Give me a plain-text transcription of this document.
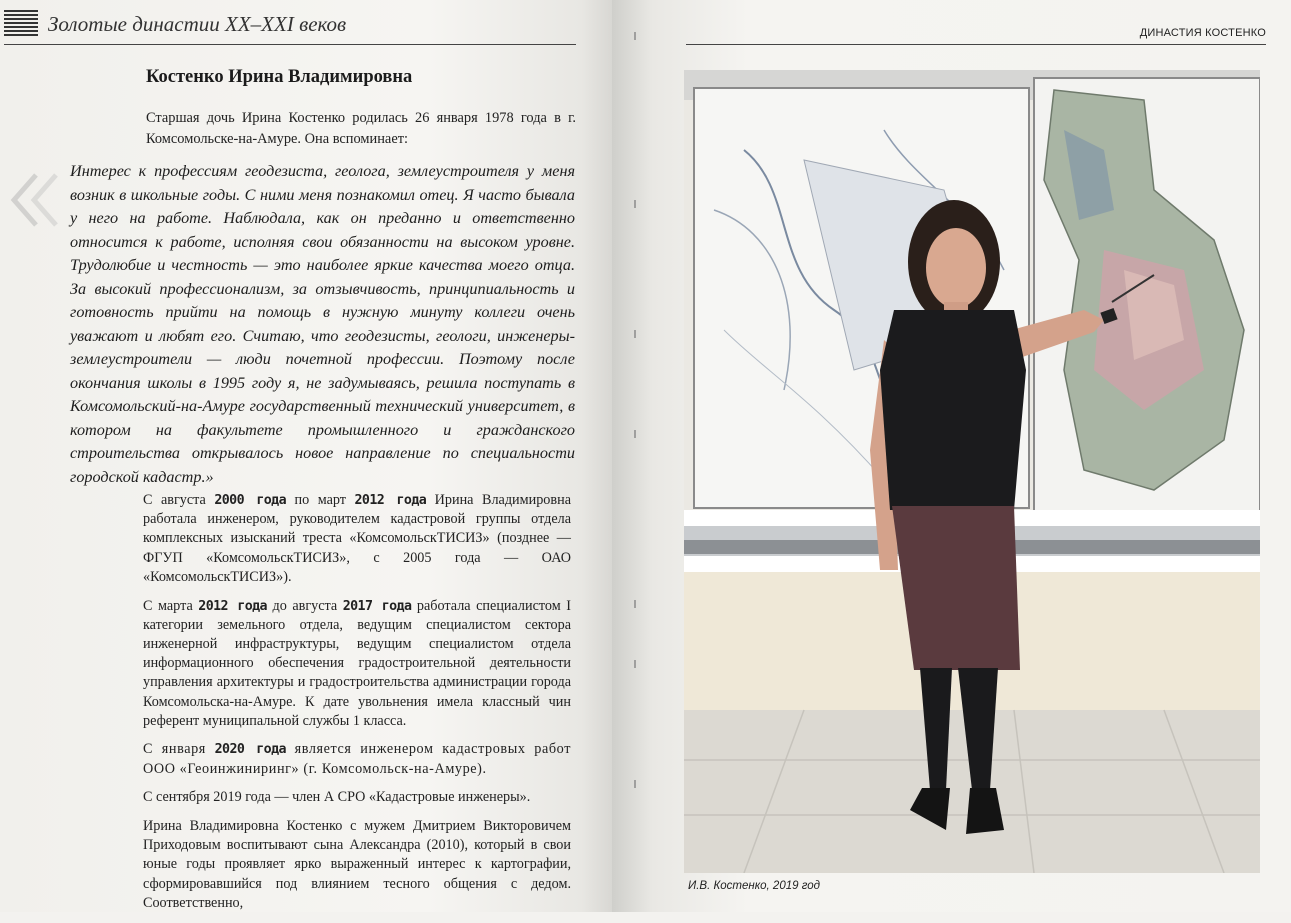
Золотые династии XX–XXI веков	ДИНАСТИЯ КОСТЕНКО
Костенко Ирина Владимировна
Старшая дочь Ирина Костенко родилась 26 января 1978 года в г. Комсомольске-на-Амуре. Она вспоминает:
Интерес к профессиям геодезиста, геолога, землеустроителя у меня возник в школьные годы. С ними меня познакомил отец. Я часто бывала у него на работе. Наблюдала, как он преданно и ответственно относится к работе, исполняя свои обязанности на высоком уровне. Трудолюбие и честность — это наиболее яркие качества моего отца. За высокий профессионализм, за отзывчивость, принципиальность и готовность прийти на помощь в нужную минуту коллеги очень уважают и любят его. Считаю, что геодезисты, геологи, инженеры-землеустроители — люди почетной профессии. Поэтому после окончания школы в 1995 году я, не задумываясь, решила поступать в Комсомольский-на-Амуре государственный технический университет, в котором на факультете промышленного и гражданского строительства открывалось новое направление по специальности городской кадастр.»

С августа 2000 года по март 2012 года Ирина Владимировна работала инженером, руководителем кадастровой группы отдела комплексных изысканий треста «КомсомольскТИСИЗ» (позднее — ФГУП «КомсомольскТИСИЗ», с 2005 года — ОАО «КомсомольскТИСИЗ»).

С марта 2012 года до августа 2017 года работала специалистом I категории земельного отдела, ведущим специалистом сектора инженерной инфраструктуры, ведущим специалистом отдела информационного обеспечения градостроительной деятельности управления архитектуры и градостроительства администрации города Комсомольска-на-Амуре. К дате увольнения имела классный чин референт муниципальной службы 1 класса.

С января 2020 года является инженером кадастровых работ ООО «Геоинжиниринг» (г. Комсомольск-на-Амуре).

С сентября 2019 года — член А СРО «Кадастровые инженеры».

Ирина Владимировна Костенко с мужем Дмитрием Викторовичем Приходовым воспитывают сына Александра (2010), который в свои юные годы проявляет ярко выраженный интерес к картографии, сформировавшийся под влиянием тесного общения с дедом. Соответственно,

И.В. Костенко, 2019 год
